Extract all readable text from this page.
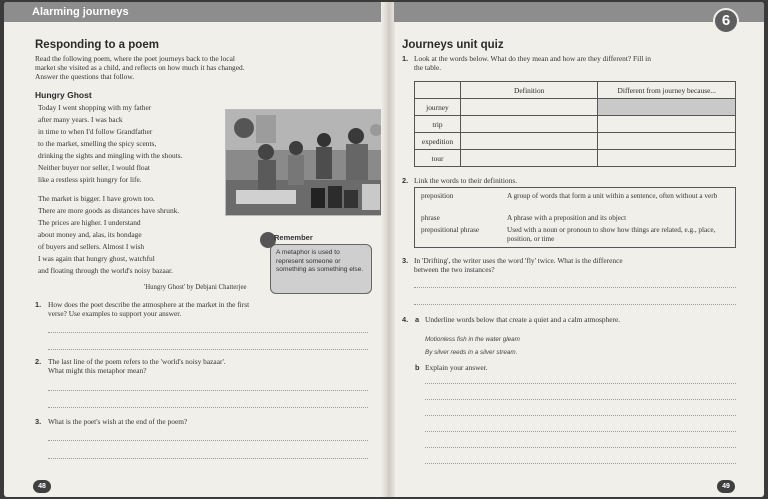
Alarming journeys
Responding to a poem
Read the following poem, where the poet journeys back to the local market she visited as a child, and reflects on how much it has changed. Answer the questions that follow.
Hungry Ghost
Today I went shopping with my father
after many years. I was back
in time to when I'd follow Grandfather
to the market, smelling the spicy scents,
drinking the sights and mingling with the shouts.
Neither buyer nor seller, I would float
like a restless spirit hungry for life.
The market is bigger. I have grown too.
There are more goods as distances have shrunk.
The prices are higher. I understand
about money and, alas, its bondage
of buyers and sellers. Almost I wish
I was again that hungry ghost, watchful
and floating through the world's noisy bazaar.
'Hungry Ghost' by Debjani Chatterjee
A metaphor is used to represent someone or something as something else.
Remember
1. How does the poet describe the atmosphere at the market in the first verse? Use examples to support your answer.
2. The last line of the poem refers to the 'world's noisy bazaar'. What might this metaphor mean?
3. What is the poet's wish at the end of the poem?
48
6
Journeys unit quiz
1. Look at the words below. What do they mean and how are they different? Fill in the table.
	Definition	Different from journey because...
journey		
trip		
expedition		
tour		
2. Link the words to their definitions.
preposition	A group of words that form a unit within a sentence, often without a verb
phrase	A phrase with a preposition and its object
prepositional phrase	Used with a noun or pronoun to show how things are related, e.g., place, position, or time
3. In 'Drifting', the writer uses the word 'fly' twice. What is the difference between the two instances?
4. a Underline words below that create a quiet and a calm atmosphere.
Motionless fish in the water gleam
By silver reeds in a silver stream.
b Explain your answer.
49
